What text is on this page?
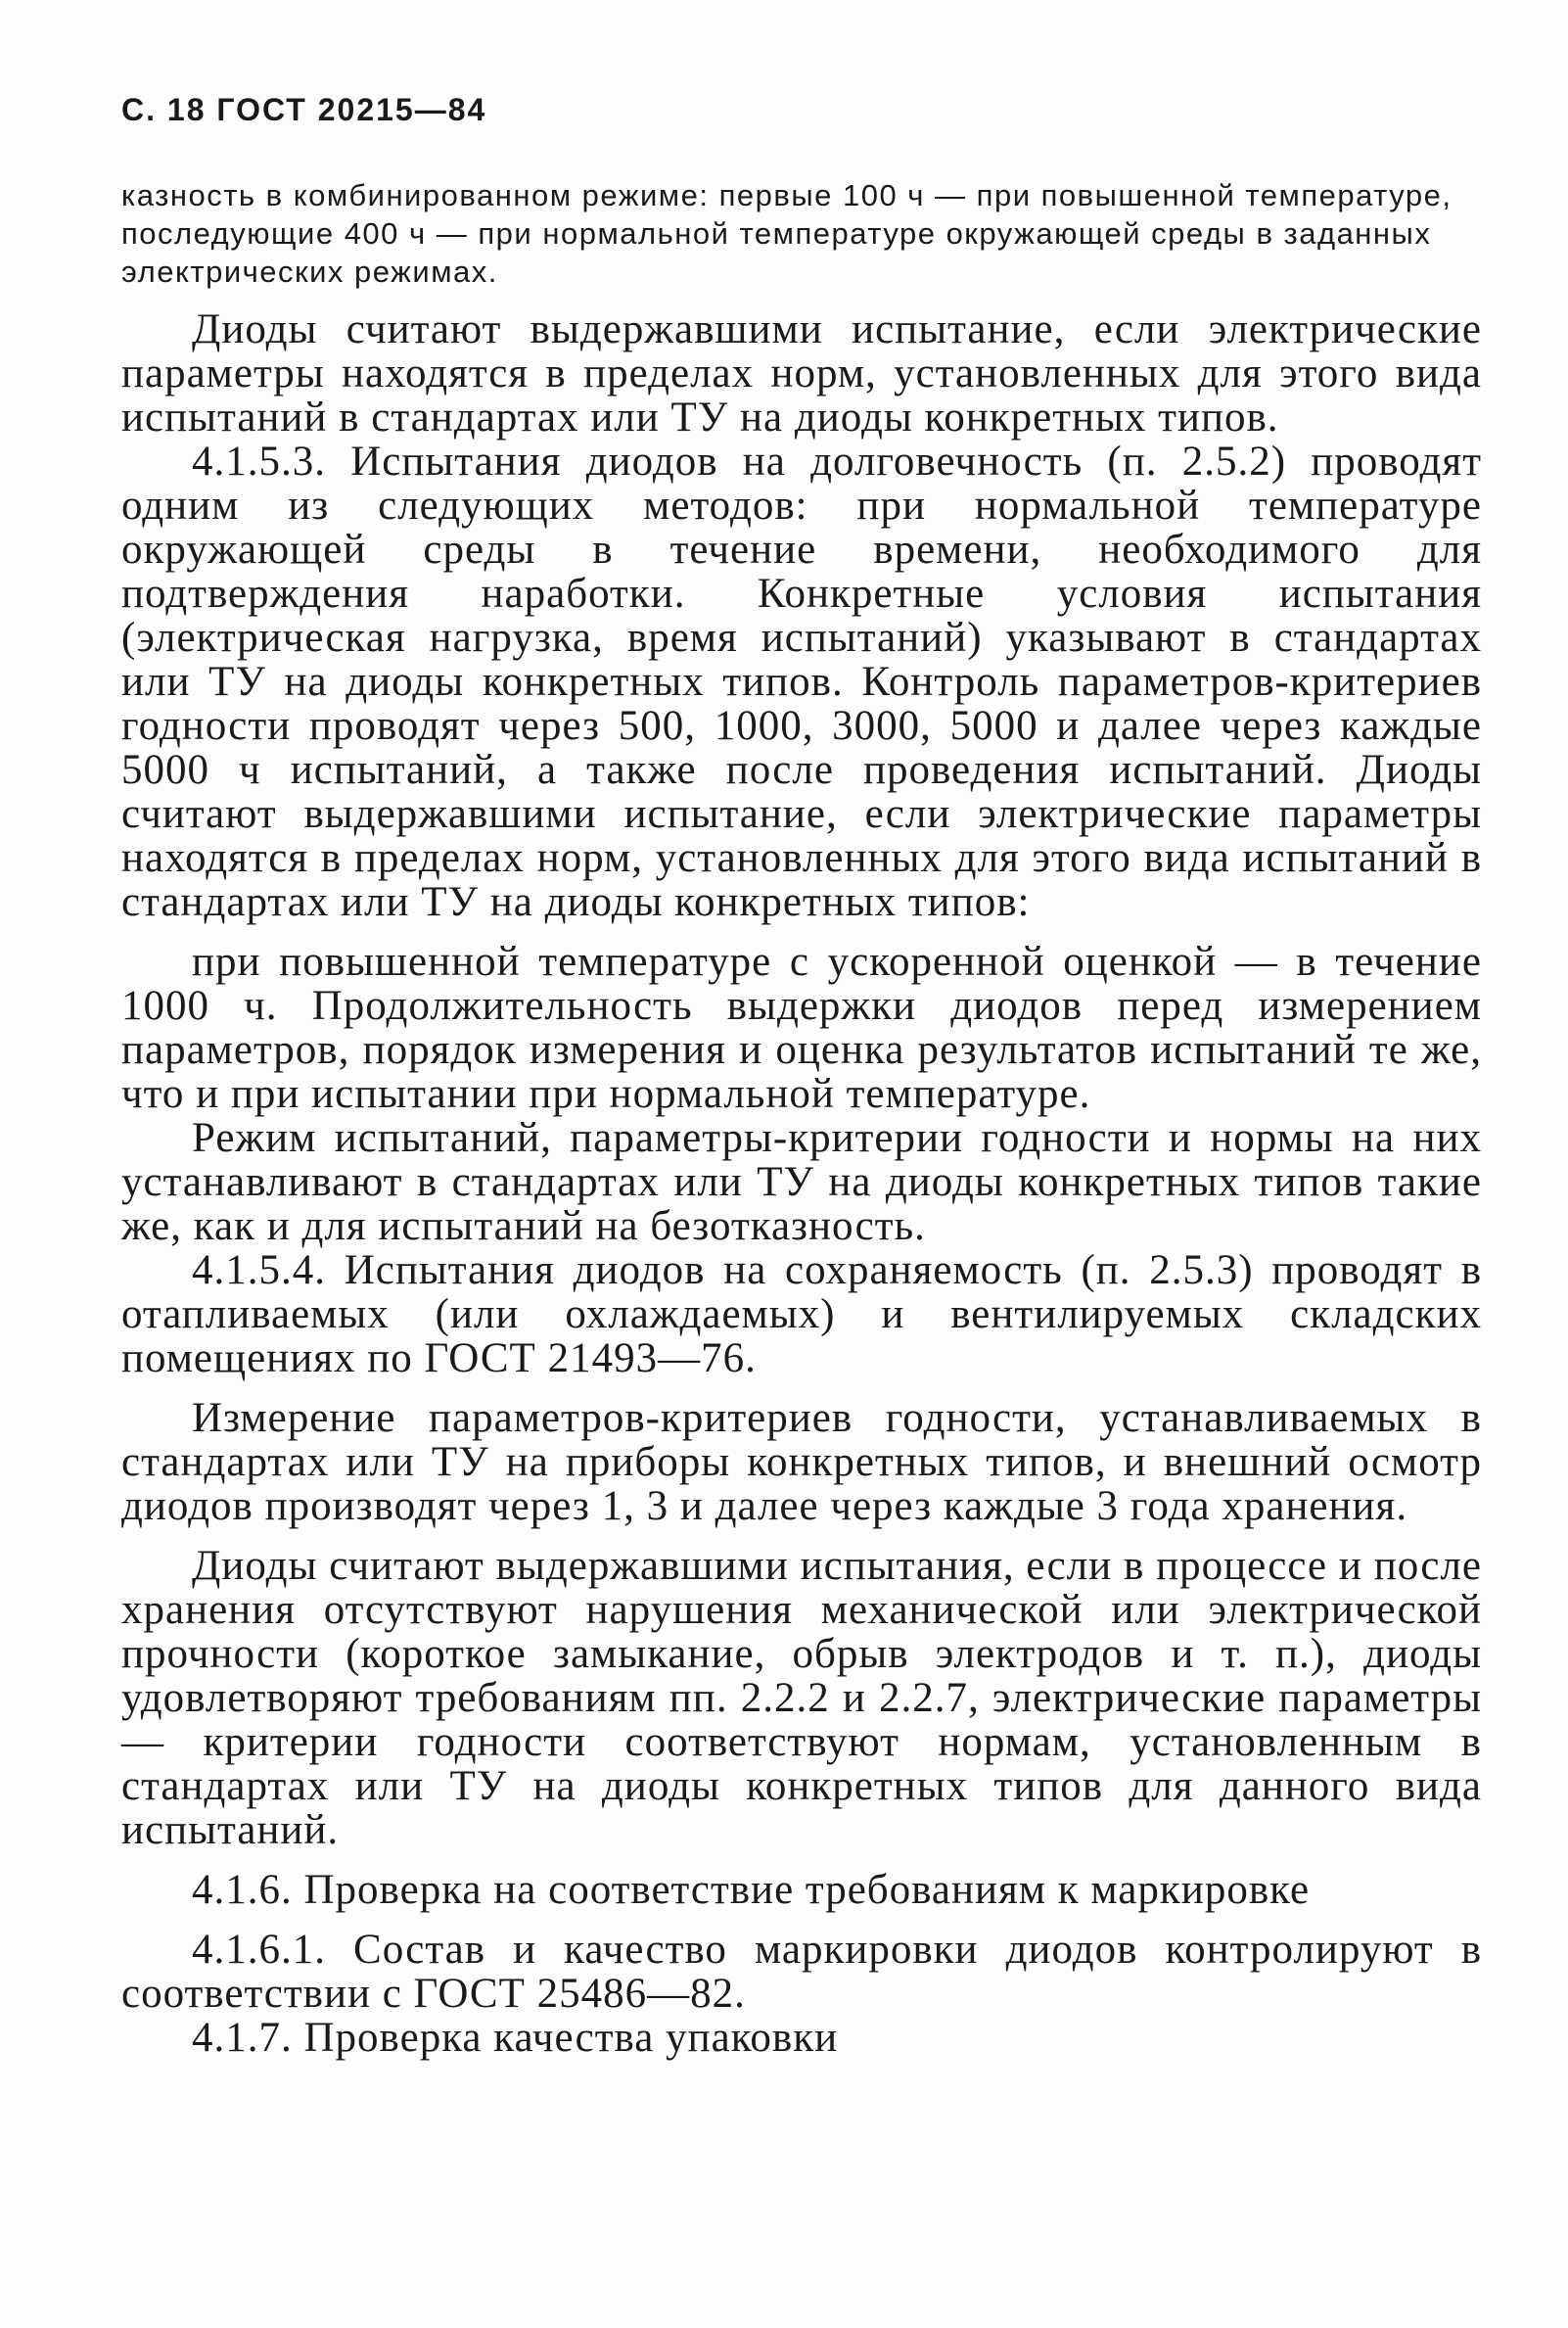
С. 18 ГОСТ 20215—84

казность в комбинированном режиме: первые 100 ч — при повышенной температуре, последующие 400 ч — при нормальной температуре окружающей среды в заданных электрических режимах.

Диоды считают выдержавшими испытание, если электрические параметры находятся в пределах норм, установленных для этого вида испытаний в стандартах или ТУ на диоды конкретных типов.

4.1.5.3. Испытания диодов на долговечность (п. 2.5.2) проводят одним из следующих методов: при нормальной температуре окружающей среды в течение времени, необходимого для подтверждения наработки. Конкретные условия испытания (электрическая нагрузка, время испытаний) указывают в стандартах или ТУ на диоды конкретных типов. Контроль параметров-критериев годности проводят через 500, 1000, 3000, 5000 и далее через каждые 5000 ч испытаний, а также после проведения испытаний. Диоды считают выдержавшими испытание, если электрические параметры находятся в пределах норм, установленных для этого вида испытаний в стандартах или ТУ на диоды конкретных типов:

при повышенной температуре с ускоренной оценкой — в течение 1000 ч. Продолжительность выдержки диодов перед измерением параметров, порядок измерения и оценка результатов испытаний те же, что и при испытании при нормальной температуре.

Режим испытаний, параметры-критерии годности и нормы на них устанавливают в стандартах или ТУ на диоды конкретных типов такие же, как и для испытаний на безотказность.

4.1.5.4. Испытания диодов на сохраняемость (п. 2.5.3) проводят в отапливаемых (или охлаждаемых) и вентилируемых складских помещениях по ГОСТ 21493—76.

Измерение параметров-критериев годности, устанавливаемых в стандартах или ТУ на приборы конкретных типов, и внешний осмотр диодов производят через 1, 3 и далее через каждые 3 года хранения.

Диоды считают выдержавшими испытания, если в процессе и после хранения отсутствуют нарушения механической или электрической прочности (короткое замыкание, обрыв электродов и т. п.), диоды удовлетворяют требованиям пп. 2.2.2 и 2.2.7, электрические параметры — критерии годности соответствуют нормам, установленным в стандартах или ТУ на диоды конкретных типов для данного вида испытаний.

4.1.6. Проверка на соответствие требованиям к маркировке

4.1.6.1. Состав и качество маркировки диодов контролируют в соответствии с ГОСТ 25486—82.

4.1.7. Проверка качества упаковки
